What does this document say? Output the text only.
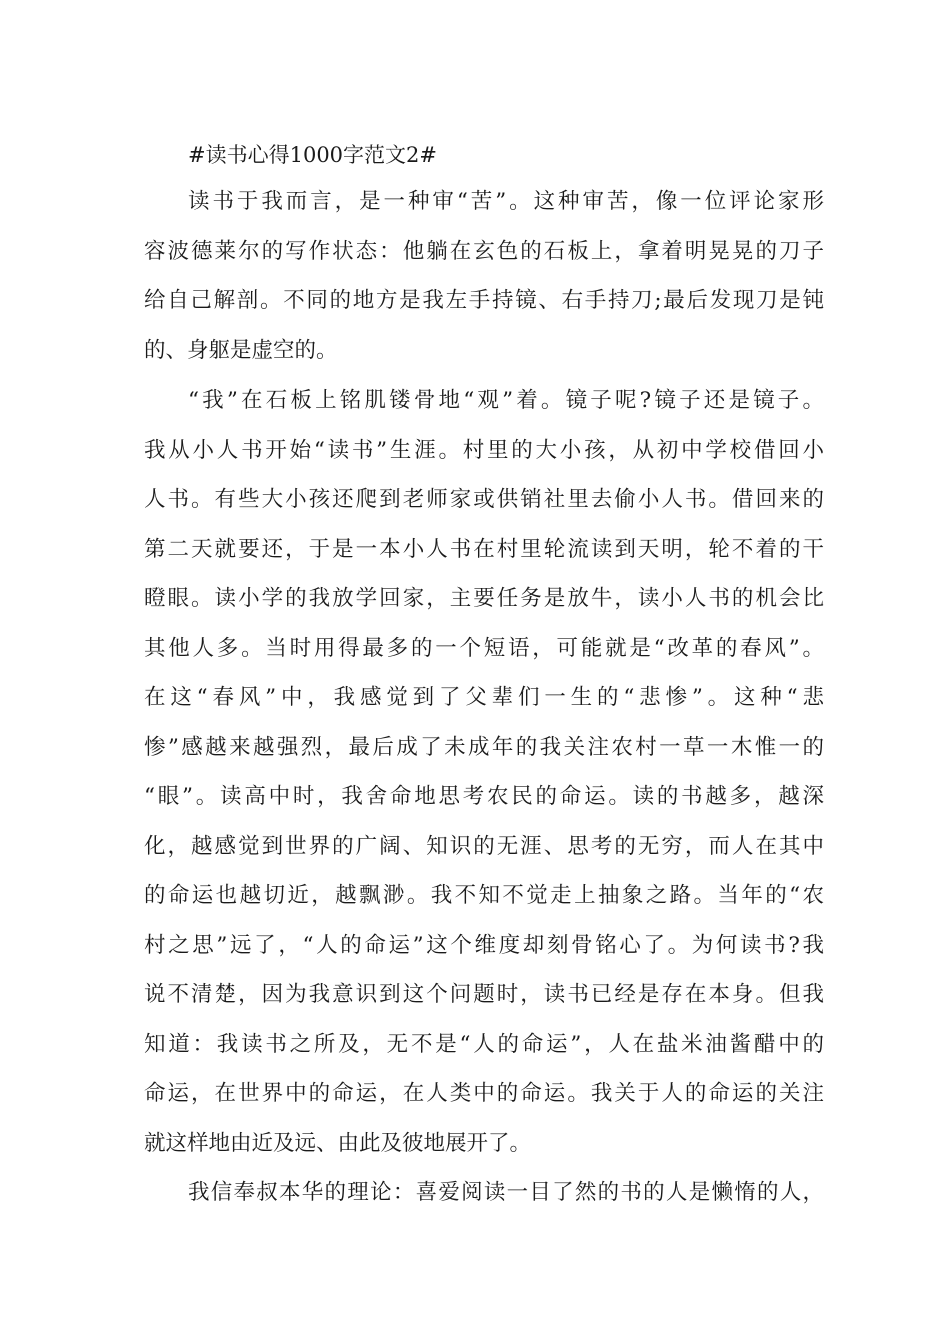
#读书心得1000字范文2#
读书于我而言，是一种审“苦”。这种审苦，像一位评论家形
容波德莱尔的写作状态：他躺在玄色的石板上，拿着明晃晃的刀子
给自己解剖。不同的地方是我左手持镜、右手持刀;最后发现刀是钝
的、身躯是虚空的。
“我”在石板上铭肌镂骨地“观”着。镜子呢?镜子还是镜子。
我从小人书开始“读书”生涯。村里的大小孩，从初中学校借回小
人书。有些大小孩还爬到老师家或供销社里去偷小人书。借回来的
第二天就要还，于是一本小人书在村里轮流读到天明，轮不着的干
瞪眼。读小学的我放学回家，主要任务是放牛，读小人书的机会比
其他人多。当时用得最多的一个短语，可能就是“改革的春风”。
在这“春风”中，我感觉到了父辈们一生的“悲惨”。这种“悲
惨”感越来越强烈，最后成了未成年的我关注农村一草一木惟一的
“眼”。读高中时，我舍命地思考农民的命运。读的书越多，越深
化，越感觉到世界的广阔、知识的无涯、思考的无穷，而人在其中
的命运也越切近，越飘渺。我不知不觉走上抽象之路。当年的“农
村之思”远了，“人的命运”这个维度却刻骨铭心了。为何读书?我
说不清楚，因为我意识到这个问题时，读书已经是存在本身。但我
知道：我读书之所及，无不是“人的命运”，人在盐米油酱醋中的
命运，在世界中的命运，在人类中的命运。我关于人的命运的关注
就这样地由近及远、由此及彼地展开了。
我信奉叔本华的理论：喜爱阅读一目了然的书的人是懒惰的人，
